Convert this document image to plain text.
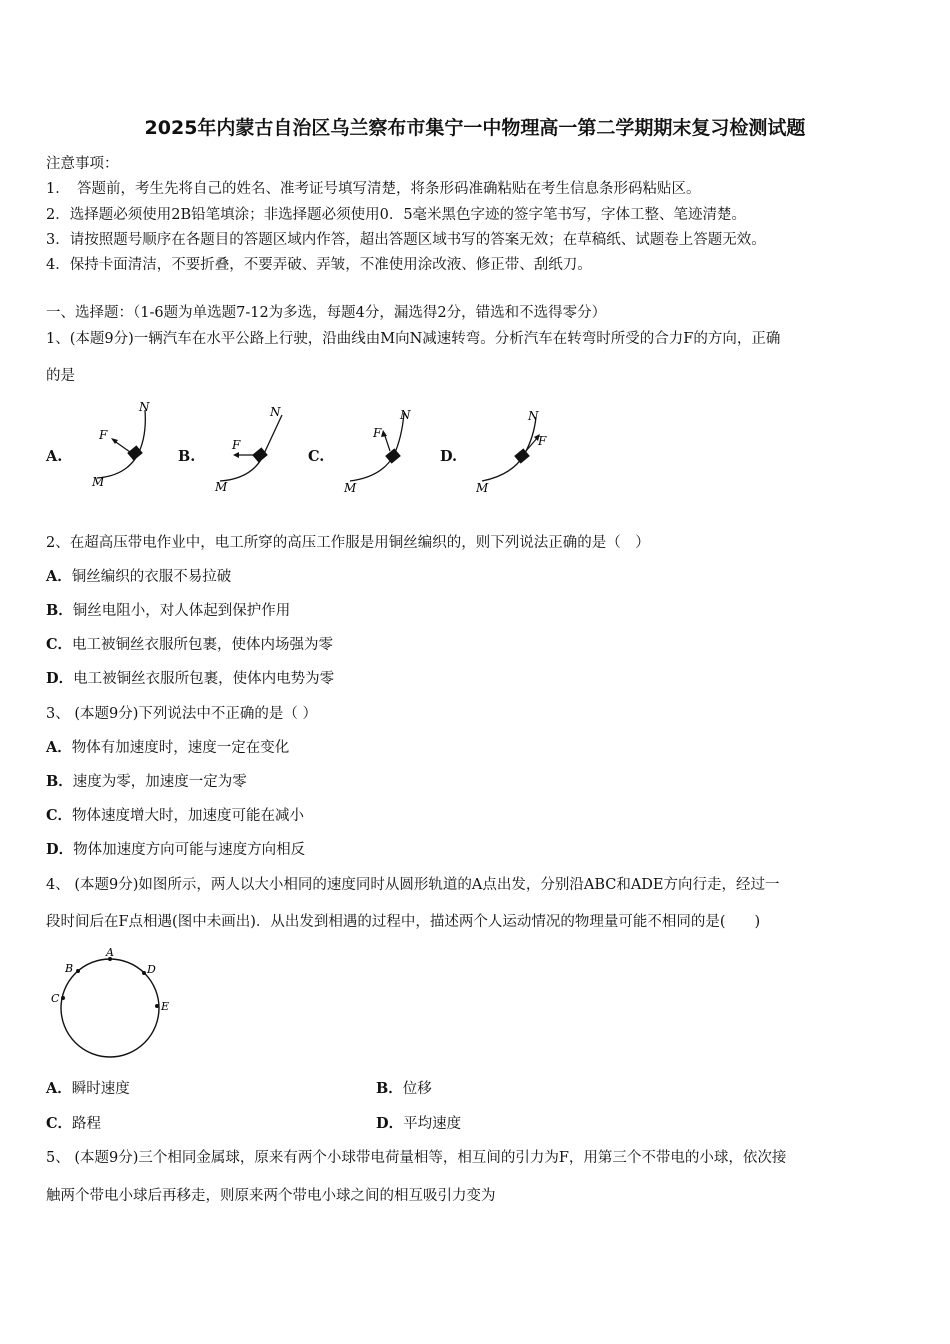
2025年内蒙古自治区乌兰察布市集宁一中物理高一第二学期期末复习检测试题
注意事项：
1．　答题前，考生先将自己的姓名、准考证号填写清楚，将条形码准确粘贴在考生信息条形码粘贴区。
2．选择题必须使用2B铅笔填涂；非选择题必须使用0．5毫米黑色字迹的签字笔书写，字体工整、笔迹清楚。
3．请按照题号顺序在各题目的答题区域内作答，超出答题区域书写的答案无效；在草稿纸、试题卷上答题无效。
4．保持卡面清洁，不要折叠，不要弄破、弄皱，不准使用涂改液、修正带、刮纸刀。
一、选择题：（1-6题为单选题7-12为多选，每题4分，漏选得2分，错选和不选得零分）
1、(本题9分)一辆汽车在水平公路上行驶，沿曲线由M向N减速转弯。分析汽车在转弯时所受的合力F的方向，正确
的是
A.
F
N
M
B.
F
N
M
C.
F
N
M
D.
F
N
M
2、在超高压带电作业中，电工所穿的高压工作服是用铜丝编织的，则下列说法正确的是（　）
A．铜丝编织的衣服不易拉破
B．铜丝电阻小，对人体起到保护作用
C．电工被铜丝衣服所包裹，使体内场强为零
D．电工被铜丝衣服所包裹，使体内电势为零
3、 (本题9分)下列说法中不正确的是（ ）
A．物体有加速度时，速度一定在变化
B．速度为零，加速度一定为零
C．物体速度增大时，加速度可能在减小
D．物体加速度方向可能与速度方向相反
4、 (本题9分)如图所示，两人以大小相同的速度同时从圆形轨道的A点出发，分别沿ABC和ADE方向行走，经过一
段时间后在F点相遇(图中未画出)．从出发到相遇的过程中，描述两个人运动情况的物理量可能不相同的是(　　)
A
B
C
D
E
A．瞬时速度	B．位移
C．路程	D．平均速度
5、 (本题9分)三个相同金属球，原来有两个小球带电荷量相等，相互间的引力为F，用第三个不带电的小球，依次接
触两个带电小球后再移走，则原来两个带电小球之间的相互吸引力变为
